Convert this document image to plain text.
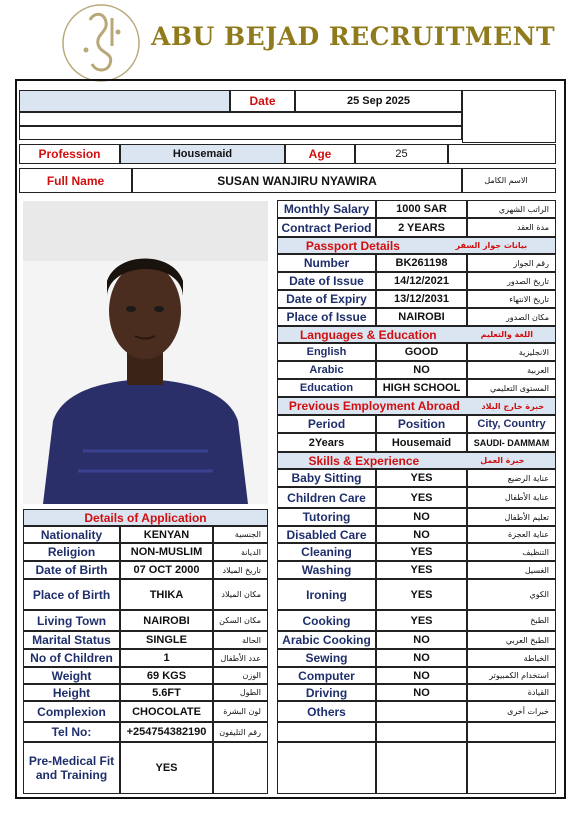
ABU BEJAD RECRUITMENT
Date	25 Sep 2025
Profession	Housemaid	Age	25
Full Name	SUSAN WANJIRU NYAWIRA	الاسم الكامل
Monthly Salary	1000 SAR	الراتب الشهري
Contract Period	2 YEARS	مدة العقد
Passport Details	بيانات جواز السفر
Number	BK261198	رقم الجواز
Date of Issue	14/12/2021	تاريخ الصدور
Date of Expiry	13/12/2031	تاريخ الانتهاء
Place of Issue	NAIROBI	مكان الصدور
Languages & Education	اللغة والتعليم
English	GOOD	الانجليزية
Arabic	NO	العربية
Education	HIGH SCHOOL	المستوى التعليمي
Previous Employment Abroad	خبرة خارج البلاد
Period	Position	City, Country
2Years	Housemaid	SAUDI- DAMMAM
Skills & Experience	خبرة العمل
Baby Sitting	YES	عناية الرضيع
Children Care	YES	عناية الأطفال
Tutoring	NO	تعليم الأطفال
Disabled Care	NO	عناية العجزة
Cleaning	YES	التنظيف
Washing	YES	الغسيل
Ironing	YES	الكوي
Cooking	YES	الطبخ
Arabic Cooking	NO	الطبخ العربي
Sewing	NO	الخياطة
Computer	NO	استخدام الكمبيوتر
Driving	NO	القيادة
Others	خبرات أخرى
Details of Application
Nationality	KENYAN	الجنسية
Religion	NON-MUSLIM	الديانة
Date of Birth	07 OCT 2000	تاريخ الميلاد
Place of Birth	THIKA	مكان الميلاد
Living Town	NAIROBI	مكان السكن
Marital Status	SINGLE	الحالة
No of Children	1	عدد الأطفال
Weight	69 KGS	الوزن
Height	5.6FT	الطول
Complexion	CHOCOLATE	لون البشرة
Tel No:	+254754382190	رقم التليفون
Pre-Medical Fit and Training	YES
